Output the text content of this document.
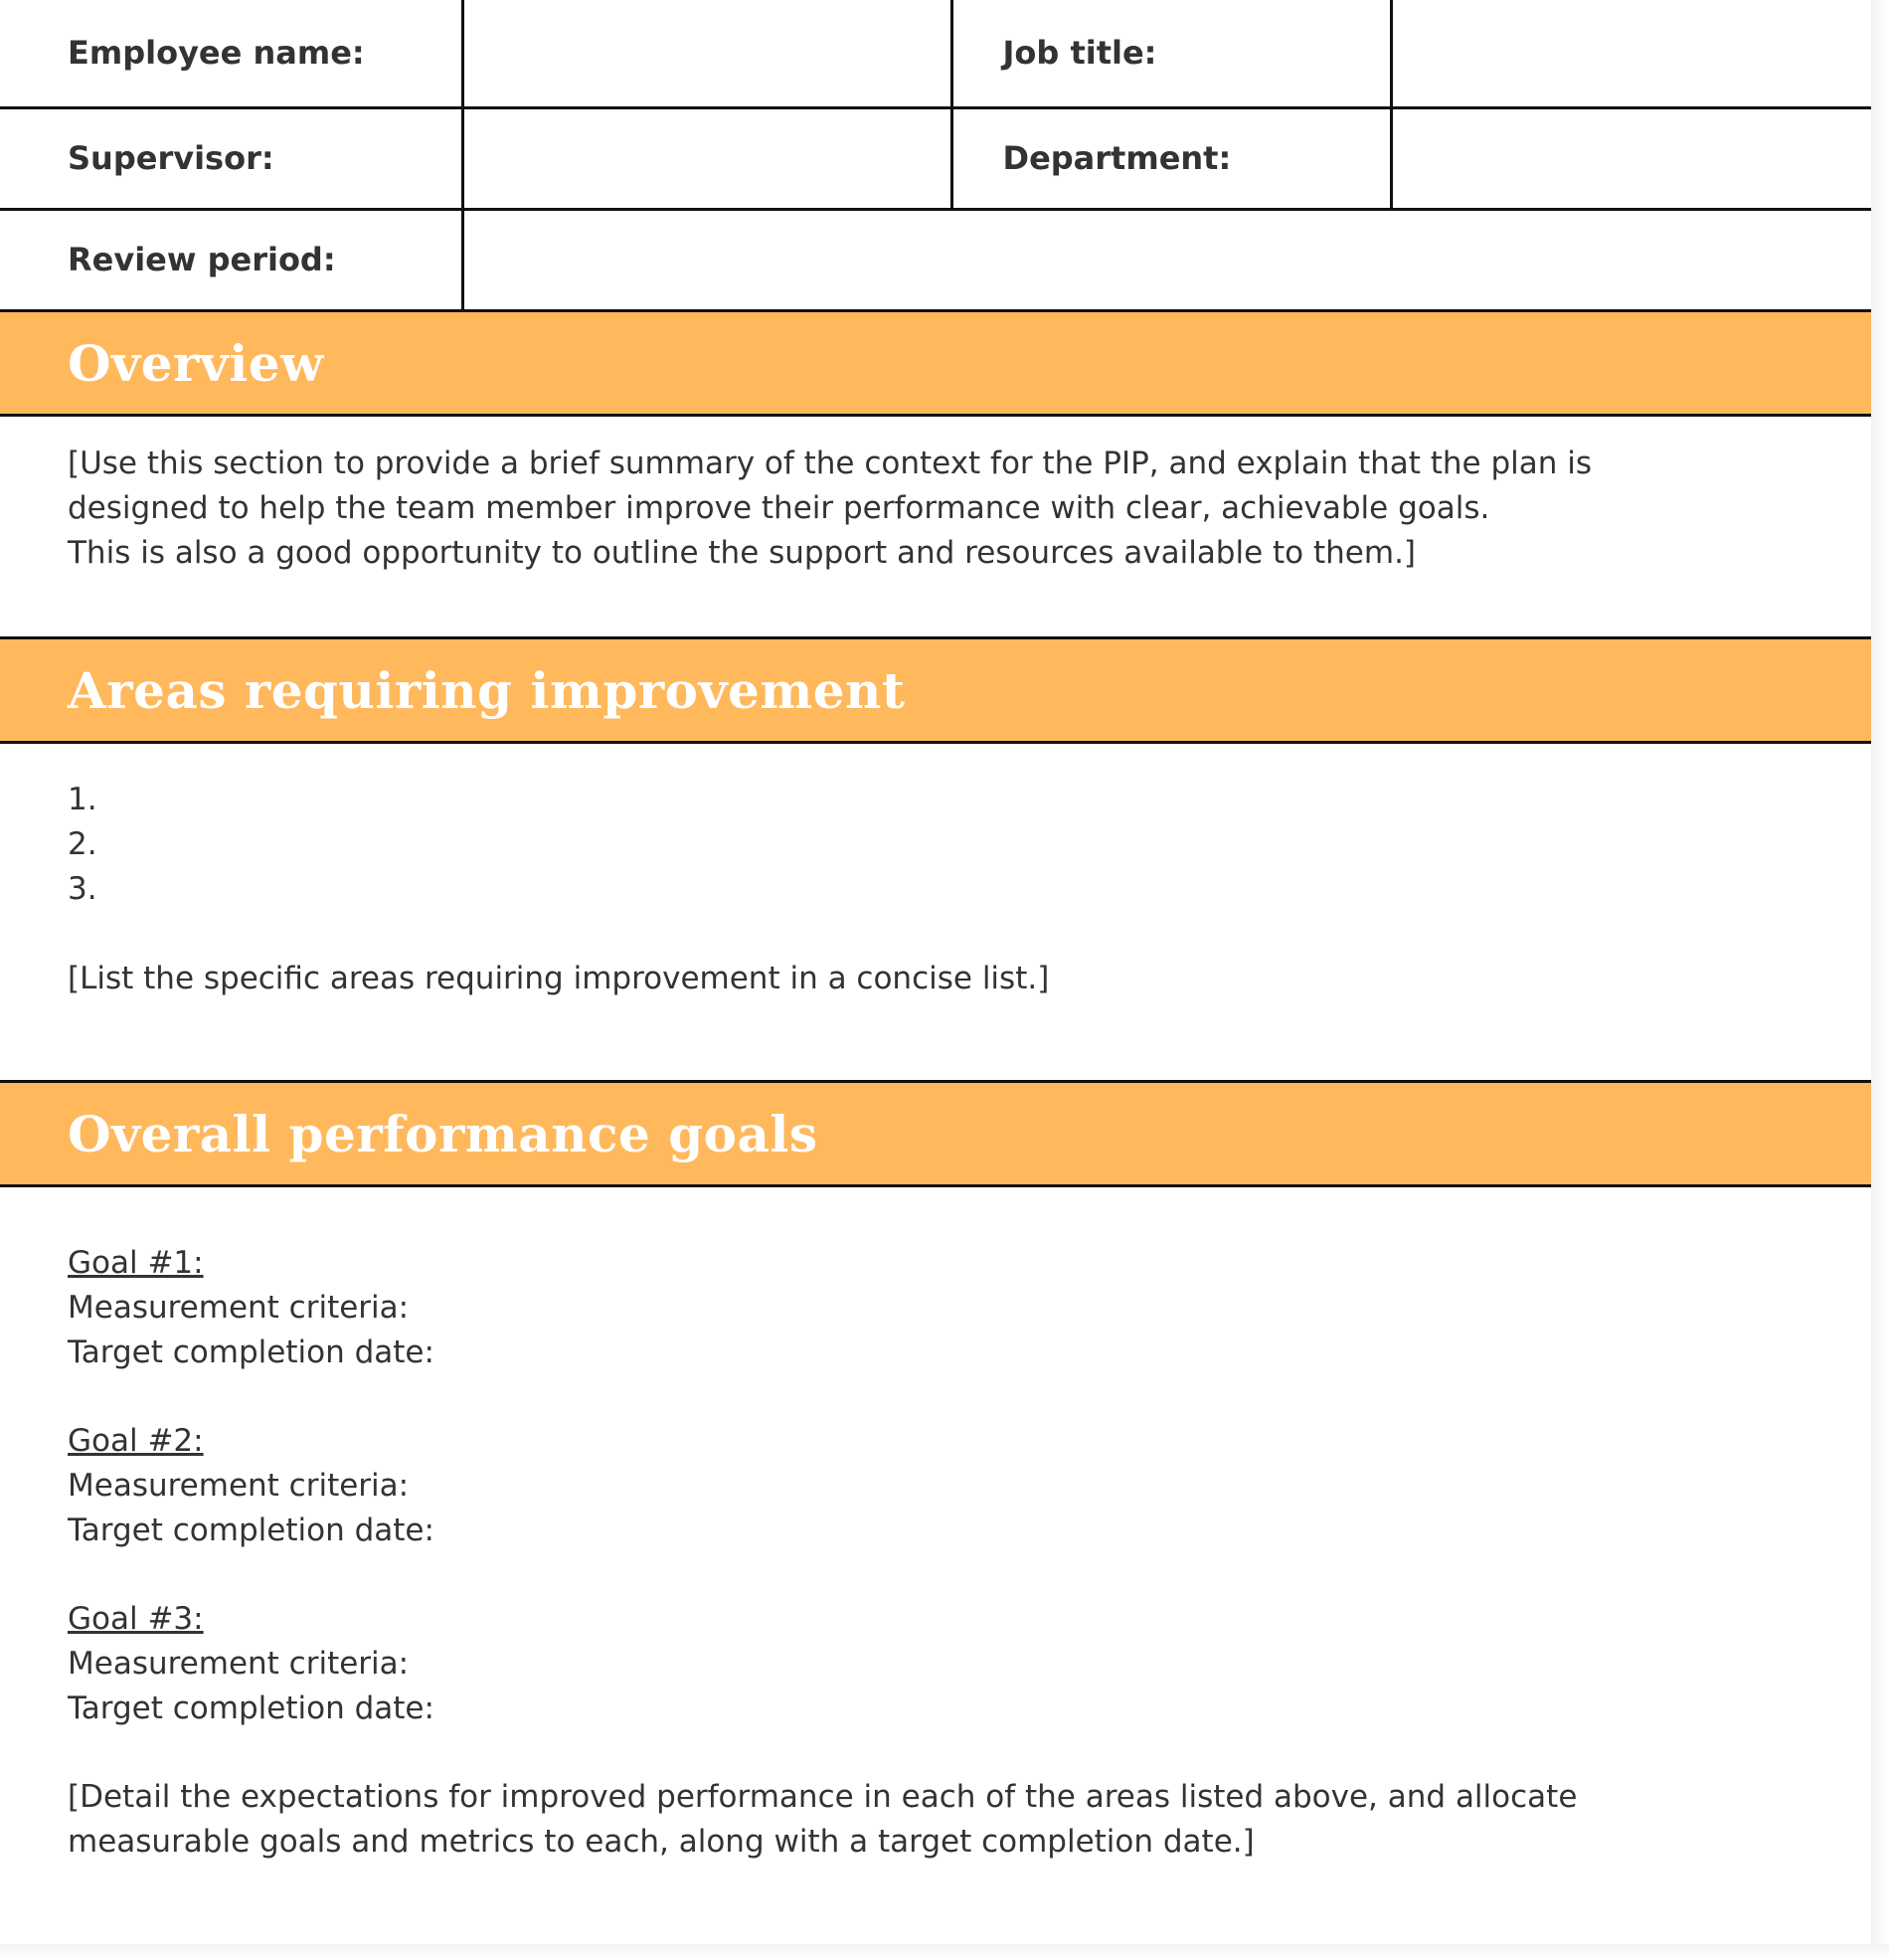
Employee name:		Job title:	
Supervisor:		Department:	
Review period:			
Overview

[Use this section to provide a brief summary of the context for the PIP, and explain that the plan is

designed to help the team member improve their performance with clear, achievable goals.

This is also a good opportunity to outline the support and resources available to them.]

Areas requiring improvement
1.
2.
3.

[List the specific areas requiring improvement in a concise list.]

Overall performance goals

Goal #1:

Measurement criteria:

Target completion date:

Goal #2:

Measurement criteria:

Target completion date:

Goal #3:

Measurement criteria:

Target completion date:

[Detail the expectations for improved performance in each of the areas listed above, and allocate

measurable goals and metrics to each, along with a target completion date.]
